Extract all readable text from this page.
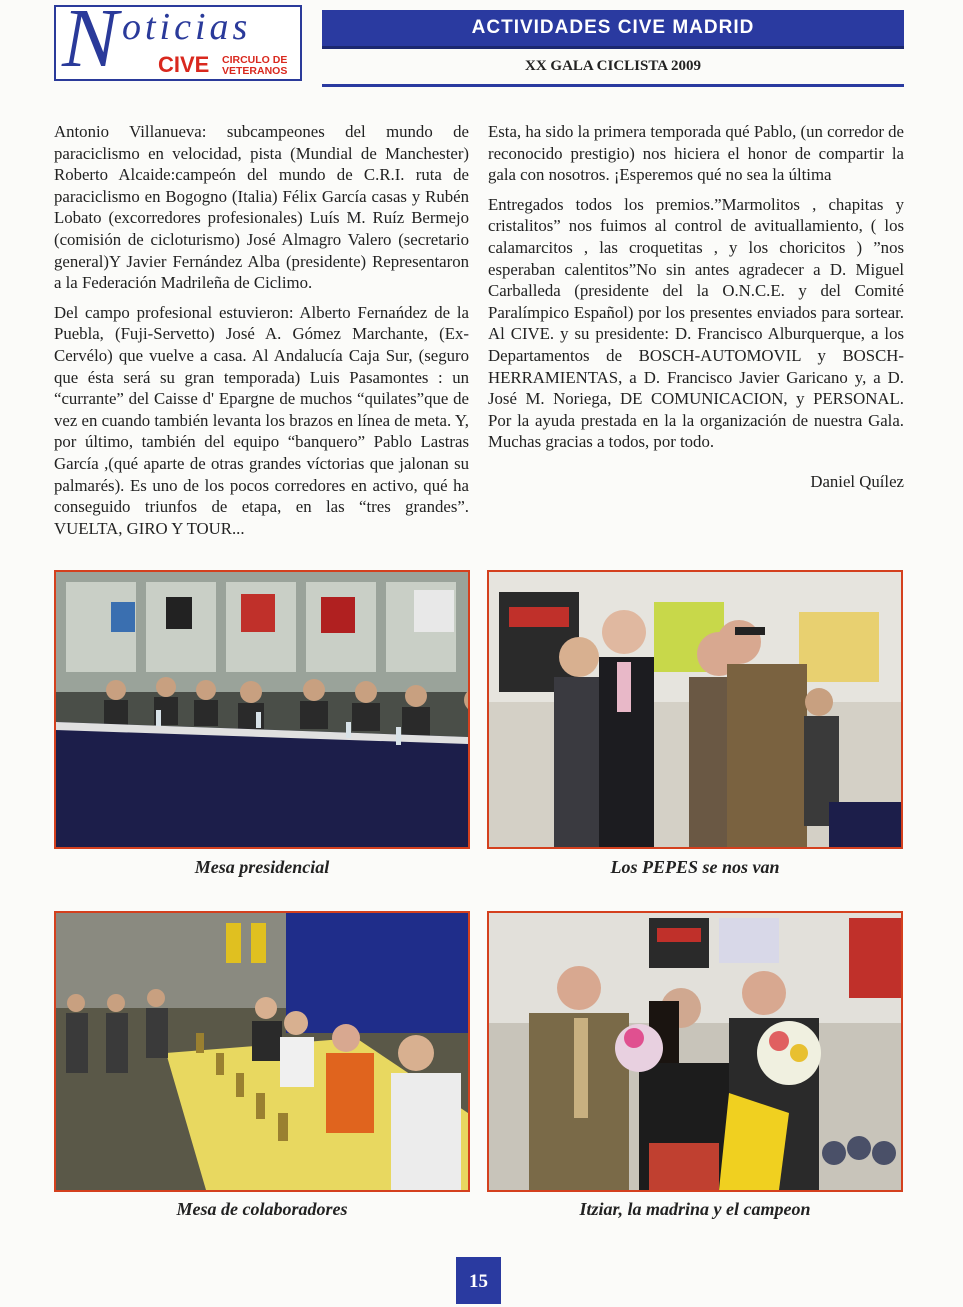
N oticias
CIVE CIRCULO DE
VETERANOS
ACTIVIDADES CIVE MADRID
XX GALA CICLISTA 2009

Antonio Villanueva: subcampeones del mundo de paraciclismo en velocidad, pista (Mundial de Manchester) Roberto Alcaide:campeón del mundo de C.R.I. ruta de paraciclismo en Bogogno (Italia) Félix García casas y Rubén Lobato (excorredores profesionales) Luís M. Ruíz Bermejo (comisión de cicloturismo) José Almagro Valero (secretario general)Y Javier Fernández Alba (presidente) Representaron a la Federación Madrileña de Ciclimo.

Del campo profesional estuvieron: Alberto Fernańdez de la Puebla, (Fuji-Servetto) José A. Gómez Marchante, (Ex-Cervélo) que vuelve a casa. Al Andalucía Caja Sur, (seguro que ésta será su gran temporada) Luis Pasamontes : un “currante” del Caisse d' Epargne de muchos “quilates”que de vez en cuando también levanta los brazos en línea de meta. Y, por último, también del equipo “banquero” Pablo Lastras García ,(qué aparte de otras grandes víctorias que jalonan su palmarés). Es uno de los pocos corredores en activo, qué ha conseguido triunfos de etapa, en las “tres grandes”. VUELTA, GIRO Y TOUR...

Esta, ha sido la primera temporada qué Pablo, (un corredor de reconocido prestigio) nos hiciera el honor de compartir la gala con nosotros. ¡Esperemos qué no sea la última

Entregados todos los premios.”Marmolitos , chapitas y cristalitos” nos fuimos al control de avituallamiento, ( los calamarcitos , las croquetitas , y los choricitos ) ”nos esperaban calentitos”No sin antes agradecer a D. Miguel Carballeda (presidente del la O.N.C.E. y del Comité Paralímpico Español) por los presentes enviados para sortear. Al CIVE. y su presidente: D. Francisco Alburquerque, a los Departamentos de BOSCH-AUTOMOVIL y BOSCH-HERRAMIENTAS, a D. Francisco Javier Garicano y, a D. José M. Noriega, DE COMUNICACION, y PERSONAL. Por la ayuda prestada en la la organización de nuestra Gala. Muchas gracias a todos, por todo.

Daniel Quílez

Mesa presidencial	Los PEPES se nos van
Mesa de colaboradores	Itziar, la madrina y el campeon
15
